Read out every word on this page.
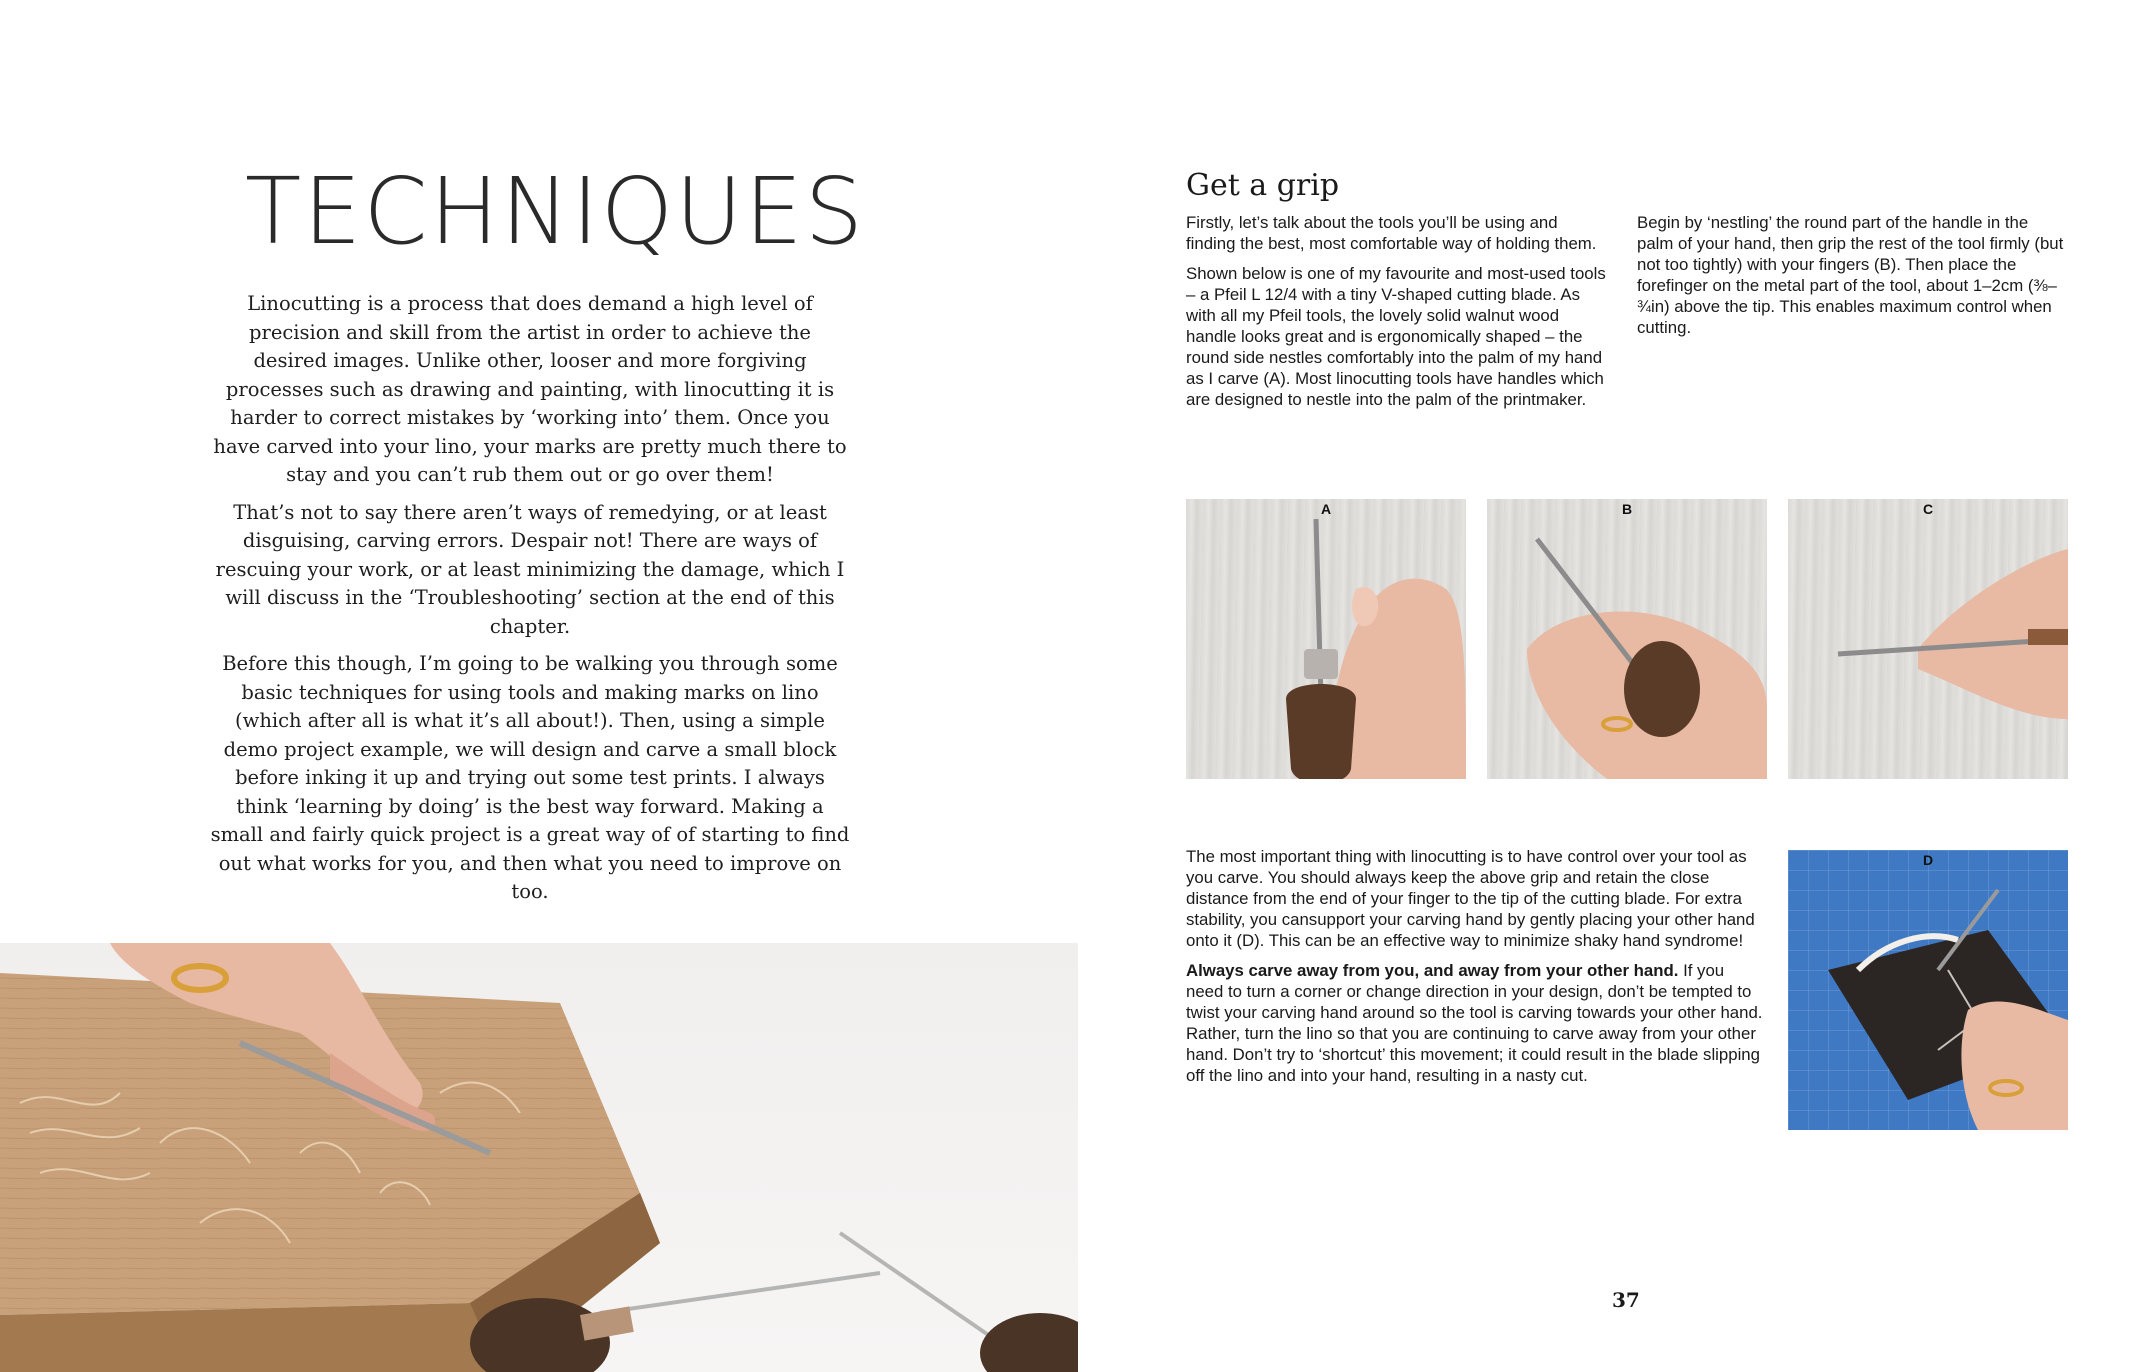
TECHNIQUES

Linocutting is a process that does demand a high level of precision and skill from the artist in order to achieve the desired images. Unlike other, looser and more forgiving processes such as drawing and painting, with linocutting it is harder to correct mistakes by ‘working into’ them. Once you have carved into your lino, your marks are pretty much there to stay and you can’t rub them out or go over them!

That’s not to say there aren’t ways of remedying, or at least disguising, carving errors. Despair not! There are ways of rescuing your work, or at least minimizing the damage, which I will discuss in the ‘Troubleshooting’ section at the end of this chapter.

Before this though, I’m going to be walking you through some basic techniques for using tools and making marks on lino (which after all is what it’s all about!). Then, using a simple demo project example, we will design and carve a small block before inking it up and trying out some test prints. I always think ‘learning by doing’ is the best way forward. Making a small and fairly quick project is a great way of of starting to find out what works for you, and then what you need to improve on too.

Get a grip

Firstly, let’s talk about the tools you’ll be using and finding the best, most comfortable way of holding them.

Shown below is one of my favourite and most-used tools – a Pfeil L 12/4 with a tiny V-shaped cutting blade. As with all my Pfeil tools, the lovely solid walnut wood handle looks great and is ergonomically shaped – the round side nestles comfortably into the palm of my hand as I carve (A). Most linocutting tools have handles which are designed to nestle into the palm of the printmaker.

Begin by ‘nestling’ the round part of the handle in the palm of your hand, then grip the rest of the tool firmly (but not too tightly) with your fingers (B). Then place the forefinger on the metal part of the tool, about 1–2cm (⅜–¾in) above the tip. This enables maximum control when cutting.

A	B	C

The most important thing with linocutting is to have control over your tool as you carve. You should always keep the above grip and retain the close distance from the end of your finger to the tip of the cutting blade. For extra stability, you cansupport your carving hand by gently placing your other hand onto it (D). This can be an effective way to minimize shaky hand syndrome!

Always carve away from you, and away from your other hand. If you need to turn a corner or change direction in your design, don’t be tempted to twist your carving hand around so the tool is carving towards your other hand. Rather, turn the lino so that you are continuing to carve away from your other hand. Don’t try to ‘shortcut’ this movement; it could result in the blade slipping off the lino and into your hand, resulting in a nasty cut.

D
37
